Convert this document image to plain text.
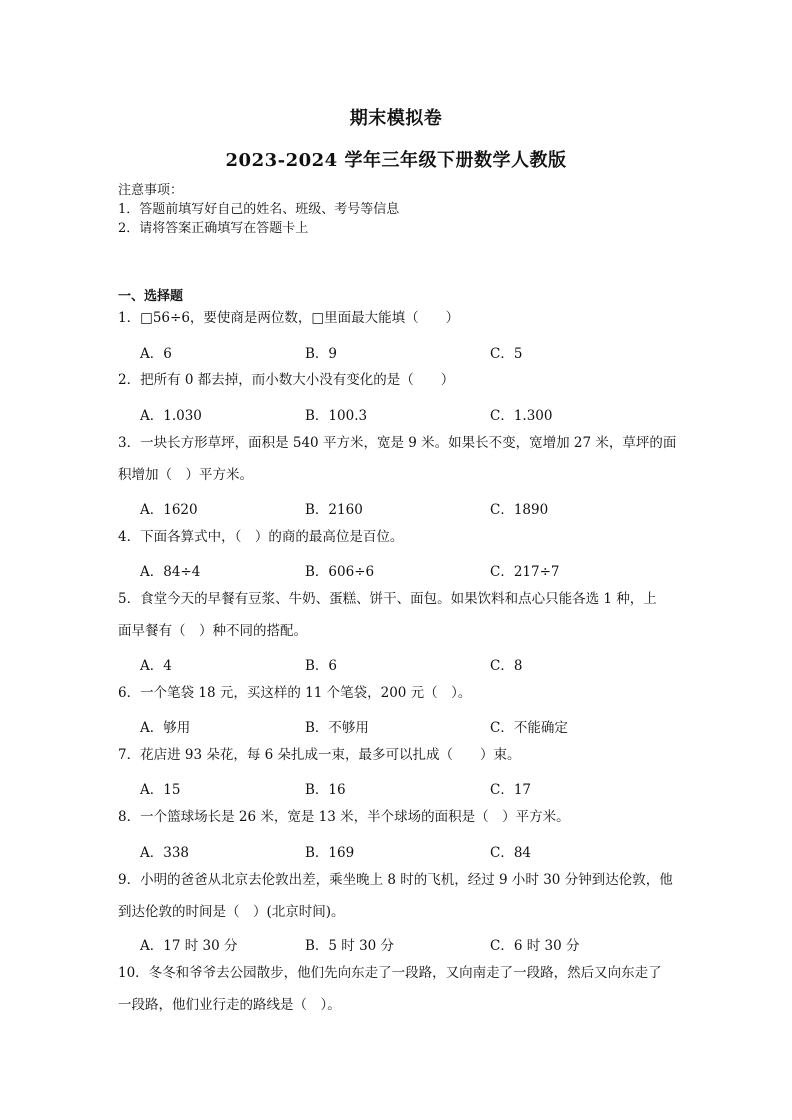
期末模拟卷
2023-2024 学年三年级下册数学人教版
注意事项：
1．答题前填写好自己的姓名、班级、考号等信息
2．请将答案正确填写在答题卡上
一、选择题
1．□56÷6，要使商是两位数，□里面最大能填（　　）
A．6	B．9	C．5
2．把所有 0 都去掉，而小数大小没有变化的是（　　）
A．1.030	B．100.3	C．1.300
3．一块长方形草坪，面积是 540 平方米，宽是 9 米。如果长不变，宽增加 27 米，草坪的面
积增加（　）平方米。
A．1620	B．2160	C．1890
4．下面各算式中，（　）的商的最高位是百位。
A．84÷4	B．606÷6	C．217÷7
5．食堂今天的早餐有豆浆、牛奶、蛋糕、饼干、面包。如果饮料和点心只能各选 1 种，上
面早餐有（　）种不同的搭配。
A．4	B．6	C．8
6．一个笔袋 18 元，买这样的 11 个笔袋，200 元（　）。
A．够用	B．不够用	C．不能确定
7．花店进 93 朵花，每 6 朵扎成一束，最多可以扎成（　　）束。
A．15	B．16	C．17
8．一个篮球场长是 26 米，宽是 13 米，半个球场的面积是（　）平方米。
A．338	B．169	C．84
9．小明的爸爸从北京去伦敦出差，乘坐晚上 8 时的飞机，经过 9 小时 30 分钟到达伦敦，他
到达伦敦的时间是（　）(北京时间)。
A．17 时 30 分	B．5 时 30 分	C．6 时 30 分
10．冬冬和爷爷去公园散步，他们先向东走了一段路，又向南走了一段路，然后又向东走了
一段路，他们业行走的路线是（　）。
